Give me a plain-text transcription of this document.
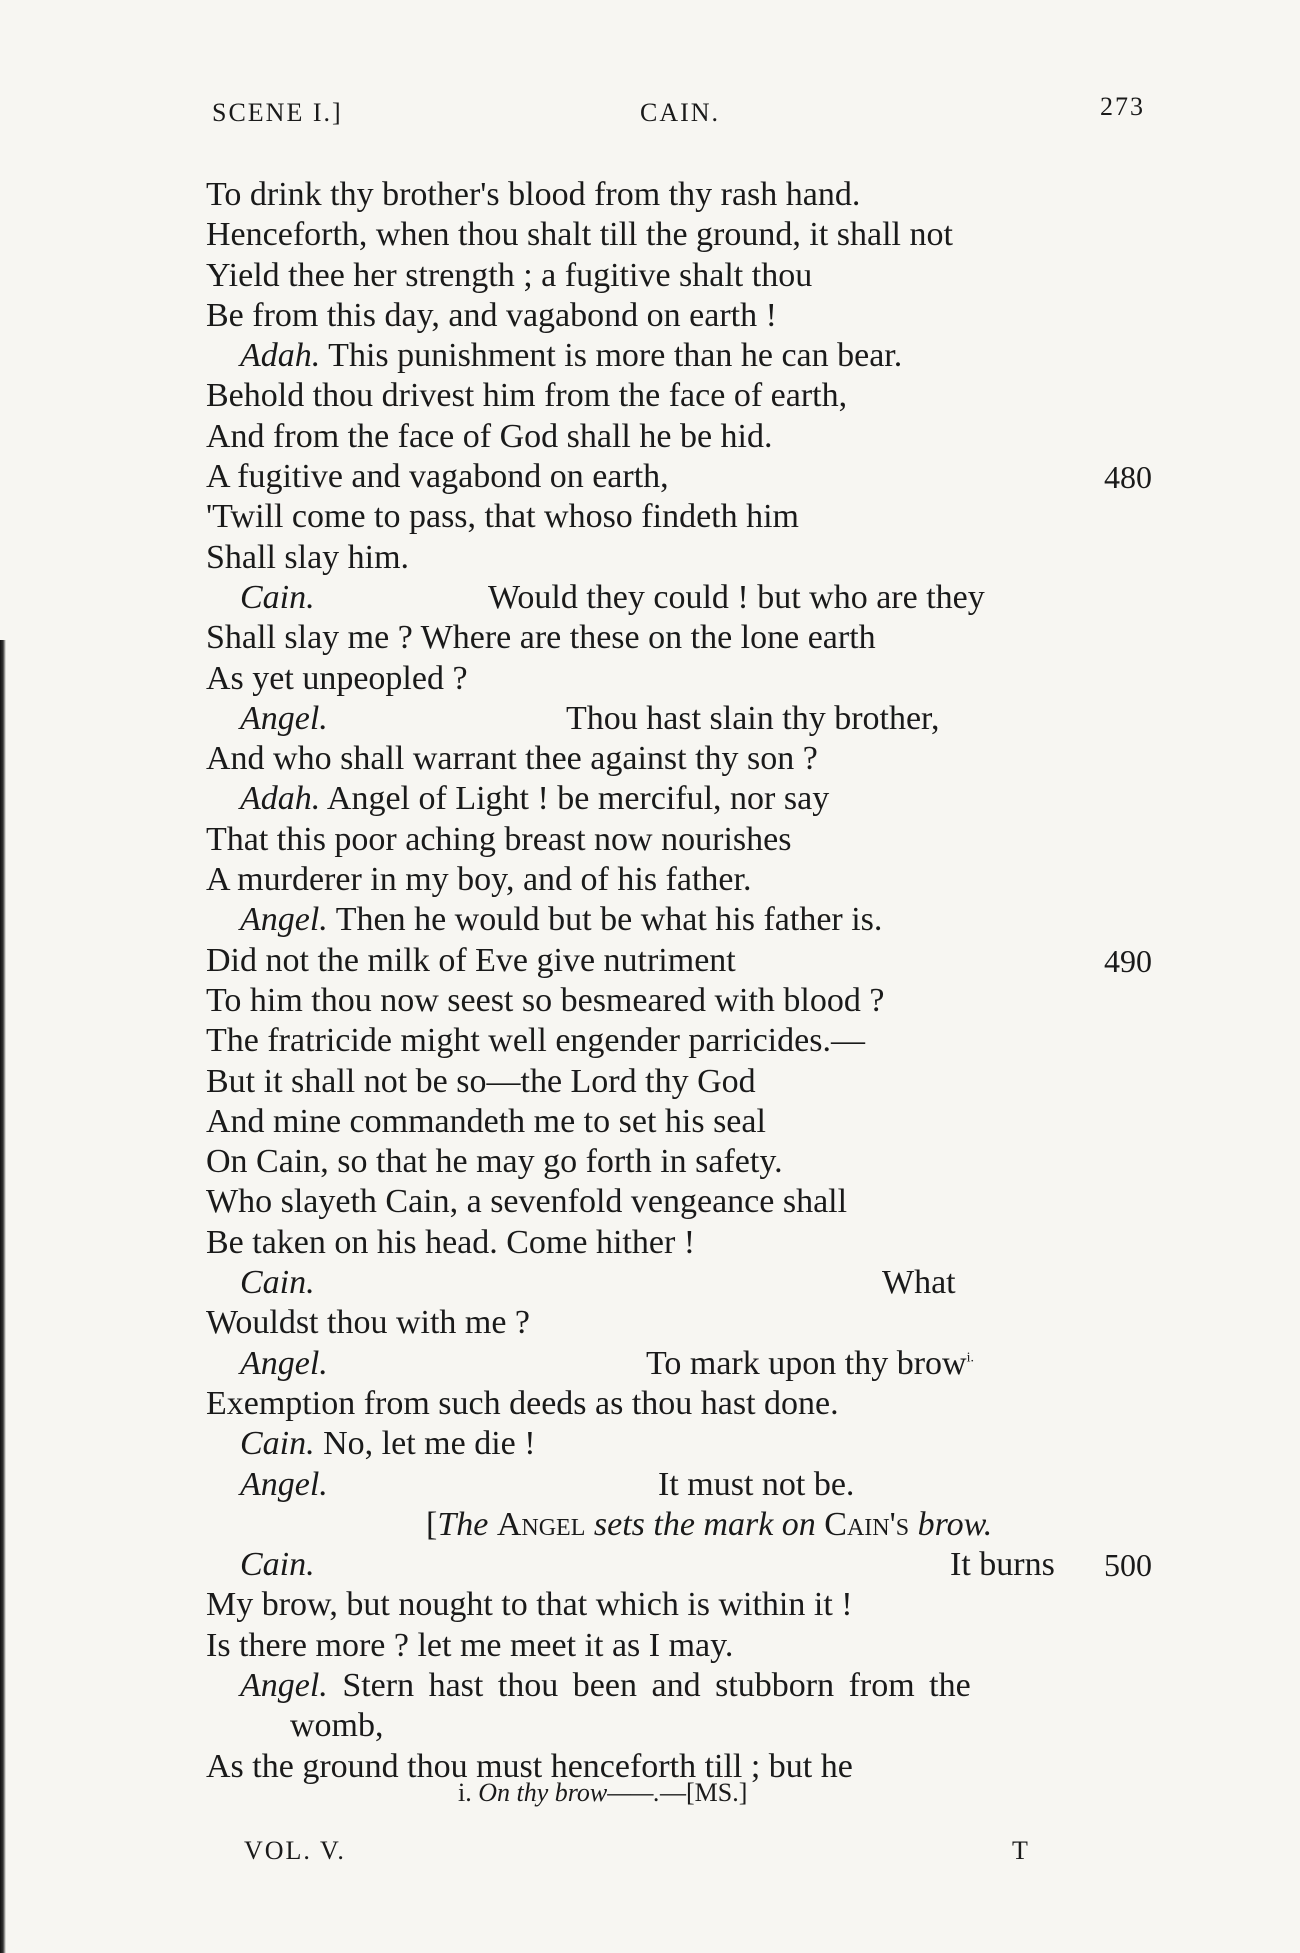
SCENE I.]	CAIN.	273
To drink thy brother's blood from thy rash hand.
Henceforth, when thou shalt till the ground, it shall not
Yield thee her strength ; a fugitive shalt thou
Be from this day, and vagabond on earth !
Adah. This punishment is more than he can bear.
Behold thou drivest him from the face of earth,
And from the face of God shall he be hid.
A fugitive and vagabond on earth,	480
'Twill come to pass, that whoso findeth him
Shall slay him.
Cain.	Would they could ! but who are they
Shall slay me ? Where are these on the lone earth
As yet unpeopled ?
Angel.	Thou hast slain thy brother,
And who shall warrant thee against thy son ?
Adah. Angel of Light ! be merciful, nor say
That this poor aching breast now nourishes
A murderer in my boy, and of his father.
Angel. Then he would but be what his father is.
Did not the milk of Eve give nutriment	490
To him thou now seest so besmeared with blood ?
The fratricide might well engender parricides.—
But it shall not be so—the Lord thy God
And mine commandeth me to set his seal
On Cain, so that he may go forth in safety.
Who slayeth Cain, a sevenfold vengeance shall
Be taken on his head. Come hither !
Cain.	What
Wouldst thou with me ?
Angel.	To mark upon thy brow$^{i.}$
Exemption from such deeds as thou hast done.
Cain. No, let me die !
Angel.	It must not be.
[The Angel sets the mark on Cain's brow.
Cain.	It burns 500
My brow, but nought to that which is within it !
Is there more ? let me meet it as I may.
Angel. Stern hast thou been and stubborn from the
womb,
As the ground thou must henceforth till ; but he
i. On thy brow——.—[MS.]
VOL. V.	T
